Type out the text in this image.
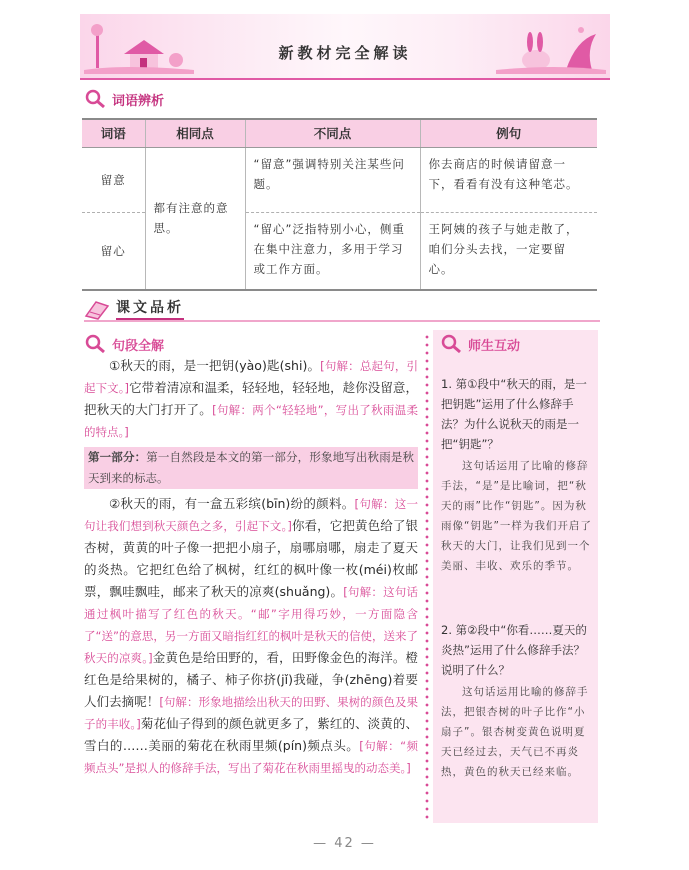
新教材完全解读
词语辨析
词语	相同点	不同点	例句
留意	都有注意的意思。	“留意”强调特别关注某些问题。	你去商店的时候请留意一下，看看有没有这种笔芯。
留心		“留心”泛指特别小心，侧重在集中注意力，多用于学习或工作方面。	王阿姨的孩子与她走散了，咱们分头去找，一定要留心。
课文品析
句段全解

①秋天的雨，是一把钥(yào)匙(shi)。[句解：总起句，引起下文。]它带着清凉和温柔，轻轻地，轻轻地，趁你没留意，把秋天的大门打开了。[句解：两个“轻轻地”，写出了秋雨温柔的特点。]

第一部分：第一自然段是本文的第一部分，形象地写出秋雨是秋天到来的标志。

②秋天的雨，有一盒五彩缤(bīn)纷的颜料。[句解：这一句让我们想到秋天颜色之多，引起下文。]你看，它把黄色给了银杏树，黄黄的叶子像一把把小扇子，扇哪扇哪，扇走了夏天的炎热。它把红色给了枫树，红红的枫叶像一枚(méi)枚邮票，飘哇飘哇，邮来了秋天的凉爽(shuǎng)。[句解：这句话通过枫叶描写了红色的秋天。“邮”字用得巧妙，一方面隐含了“送”的意思，另一方面又暗指红红的枫叶是秋天的信使，送来了秋天的凉爽。]金黄色是给田野的，看，田野像金色的海洋。橙红色是给果树的，橘子、柿子你挤(jǐ)我碰，争(zhēng)着要人们去摘呢！[句解：形象地描绘出秋天的田野、果树的颜色及果子的丰收。]菊花仙子得到的颜色就更多了，紫红的、淡黄的、雪白的……美丽的菊花在秋雨里频(pín)频点头。[句解：“频频点头”是拟人的修辞手法，写出了菊花在秋雨里摇曳的动态美。]

1. 第①段中“秋天的雨，是一把钥匙”运用了什么修辞手法？为什么说秋天的雨是一把“钥匙”？
这句话运用了比喻的修辞手法，“是”是比喻词，把“秋天的雨”比作“钥匙”。因为秋雨像“钥匙”一样为我们开启了秋天的大门，让我们见到一个美丽、丰收、欢乐的季节。
2. 第②段中“你看……夏天的炎热”运用了什么修辞手法？说明了什么？
这句话运用比喻的修辞手法，把银杏树的叶子比作“小扇子”。银杏树变黄色说明夏天已经过去，天气已不再炎热，黄色的秋天已经来临。
师生互动
— 42 —
